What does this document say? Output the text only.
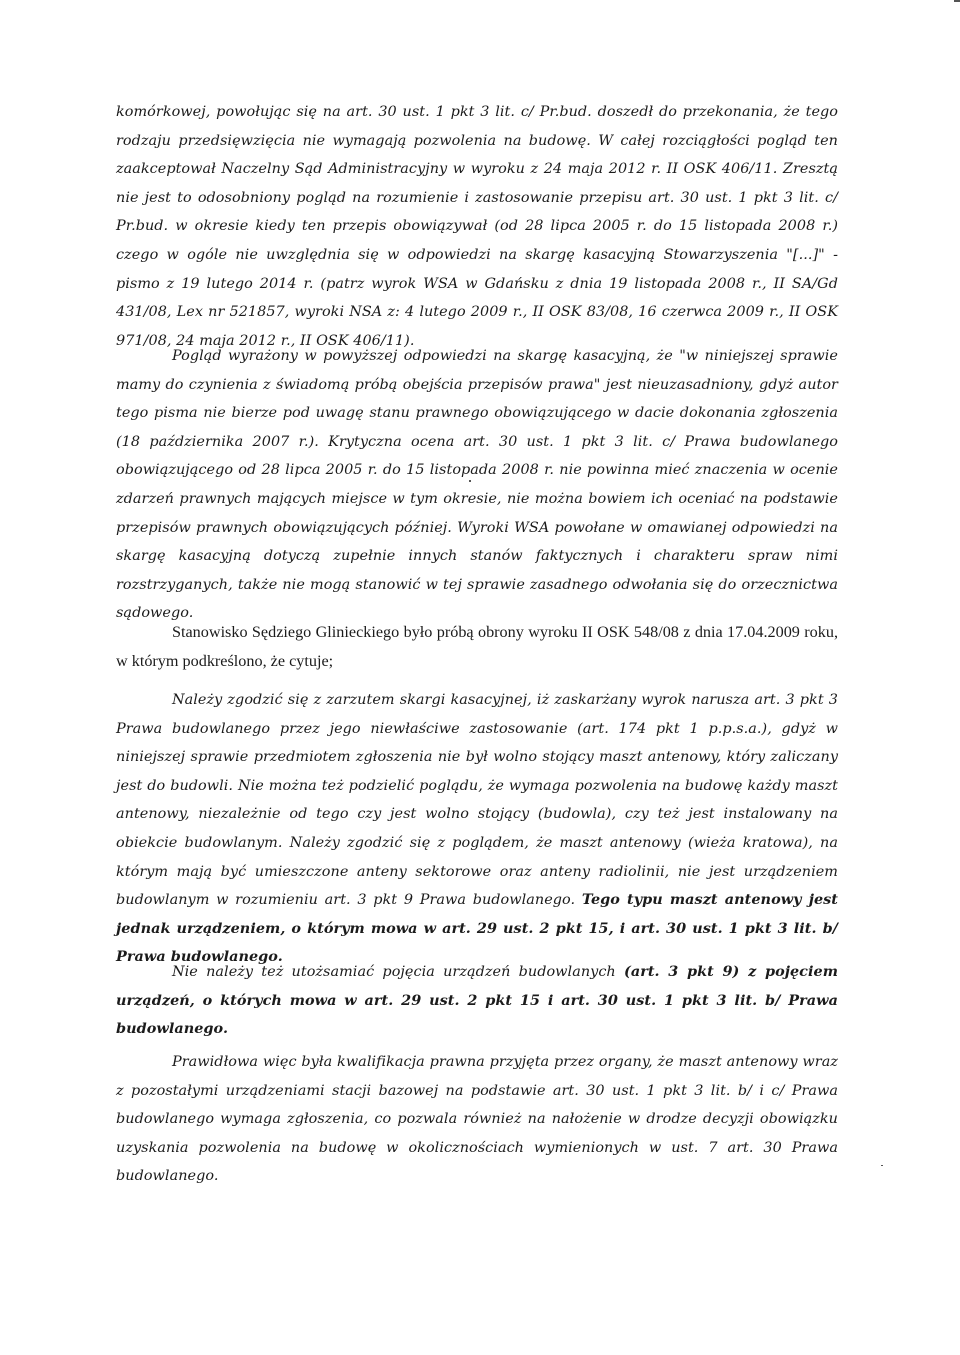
komórkowej, powołując się na art. 30 ust. 1 pkt 3 lit. c/ Pr.bud. doszedł do przekonania, że tego rodzaju przedsięwzięcia nie wymagają pozwolenia na budowę. W całej rozciągłości pogląd ten zaakceptował Naczelny Sąd Administracyjny w wyroku z 24 maja 2012 r. II OSK 406/11. Zresztą nie jest to odosobniony pogląd na rozumienie i zastosowanie przepisu art. 30 ust. 1 pkt 3 lit. c/ Pr.bud. w okresie kiedy ten przepis obowiązywał (od 28 lipca 2005 r. do 15 listopada 2008 r.) czego w ogóle nie uwzględnia się w odpowiedzi na skargę kasacyjną Stowarzyszenia "[...]" - pismo z 19 lutego 2014 r. (patrz wyrok WSA w Gdańsku z dnia 19 listopada 2008 r., II SA/Gd 431/08, Lex nr 521857, wyroki NSA z: 4 lutego 2009 r., II OSK 83/08, 16 czerwca 2009 r., II OSK 971/08, 24 maja 2012 r., II OSK 406/11).

Pogląd wyrażony w powyższej odpowiedzi na skargę kasacyjną, że "w niniejszej sprawie mamy do czynienia z świadomą próbą obejścia przepisów prawa" jest nieuzasadniony, gdyż autor tego pisma nie bierze pod uwagę stanu prawnego obowiązującego w dacie dokonania zgłoszenia (18 października 2007 r.). Krytyczna ocena art. 30 ust. 1 pkt 3 lit. c/ Prawa budowlanego obowiązującego od 28 lipca 2005 r. do 15 listopada 2008 r. nie powinna mieć znaczenia w ocenie zdarzeń prawnych mających miejsce w tym okresie, nie można bowiem ich oceniać na podstawie przepisów prawnych obowiązujących później. Wyroki WSA powołane w omawianej odpowiedzi na skargę kasacyjną dotyczą zupełnie innych stanów faktycznych i charakteru spraw nimi rozstrzyganych, także nie mogą stanowić w tej sprawie zasadnego odwołania się do orzecznictwa sądowego.

Stanowisko Sędziego Glinieckiego było próbą obrony wyroku II OSK 548/08 z dnia 17.04.2009 roku, w którym podkreślono, że cytuje;

Należy zgodzić się z zarzutem skargi kasacyjnej, iż zaskarżany wyrok narusza art. 3 pkt 3 Prawa budowlanego przez jego niewłaściwe zastosowanie (art. 174 pkt 1 p.p.s.a.), gdyż w niniejszej sprawie przedmiotem zgłoszenia nie był wolno stojący maszt antenowy, który zaliczany jest do budowli. Nie można też podzielić poglądu, że wymaga pozwolenia na budowę każdy maszt antenowy, niezależnie od tego czy jest wolno stojący (budowla), czy też jest instalowany na obiekcie budowlanym. Należy zgodzić się z poglądem, że maszt antenowy (wieża kratowa), na którym mają być umieszczone anteny sektorowe oraz anteny radiolinii, nie jest urządzeniem budowlanym w rozumieniu art. 3 pkt 9 Prawa budowlanego. Tego typu maszt antenowy jest jednak urządzeniem, o którym mowa w art. 29 ust. 2 pkt 15, i art. 30 ust. 1 pkt 3 lit. b/ Prawa budowlanego.

Nie należy też utożsamiać pojęcia urządzeń budowlanych (art. 3 pkt 9) z pojęciem urządzeń, o których mowa w art. 29 ust. 2 pkt 15 i art. 30 ust. 1 pkt 3 lit. b/ Prawa budowlanego.

Prawidłowa więc była kwalifikacja prawna przyjęta przez organy, że maszt antenowy wraz z pozostałymi urządzeniami stacji bazowej na podstawie art. 30 ust. 1 pkt 3 lit. b/ i c/ Prawa budowlanego wymaga zgłoszenia, co pozwala również na nałożenie w drodze decyzji obowiązku uzyskania pozwolenia na budowę w okolicznościach wymienionych w ust. 7 art. 30 Prawa budowlanego.
